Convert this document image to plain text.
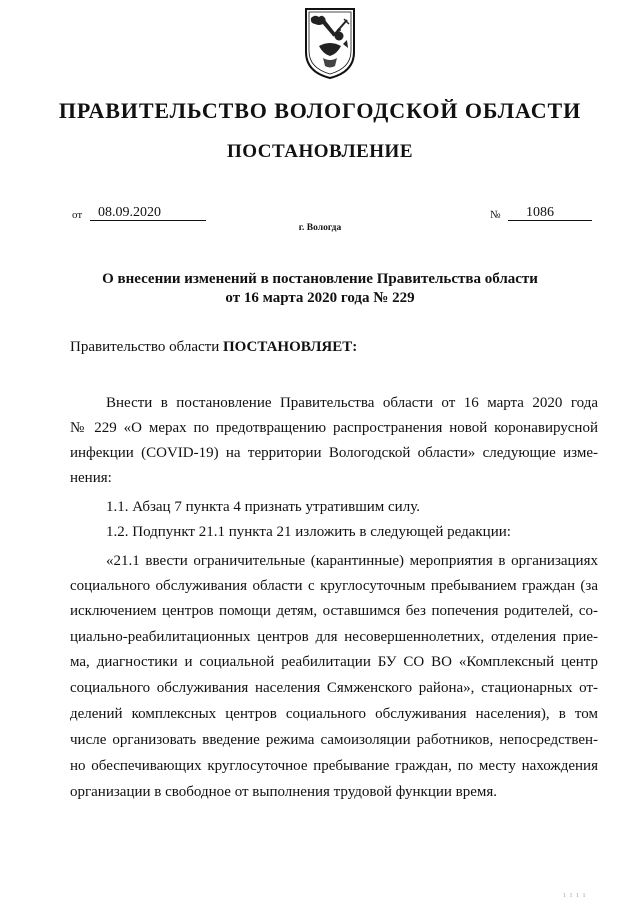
ПРАВИТЕЛЬСТВО ВОЛОГОДСКОЙ ОБЛАСТИ
ПОСТАНОВЛЕНИЕ
от	08.09.2020	№	1086
г. Вологда
О внесении изменений в постановление Правительства области
от 16 марта 2020 года № 229
Правительство области ПОСТАНОВЛЯЕТ:
Внести в постановление Правительства области от 16 марта 2020 года
№ 229 «О мерах по предотвращению распространения новой коронавирусной
инфекции (COVID-19) на территории Вологодской области» следующие изме-
нения:
1.1. Абзац 7 пункта 4 признать утратившим силу.
1.2. Подпункт 21.1 пункта 21 изложить в следующей редакции:
«21.1 ввести ограничительные (карантинные) мероприятия в организациях
социального обслуживания области с круглосуточным пребыванием граждан (за
исключением центров помощи детям, оставшимся без попечения родителей, со-
циально-реабилитационных центров для несовершеннолетних, отделения прие-
ма, диагностики и социальной реабилитации БУ СО ВО «Комплексный центр
социального обслуживания населения Сямженского района», стационарных от-
делений комплексных центров социального обслуживания населения), в том
числе организовать введение режима самоизоляции работников, непосредствен-
но обеспечивающих круглосуточное пребывание граждан, по месту нахождения
организации в свободное от выполнения трудовой функции время.
1 1 1 1
